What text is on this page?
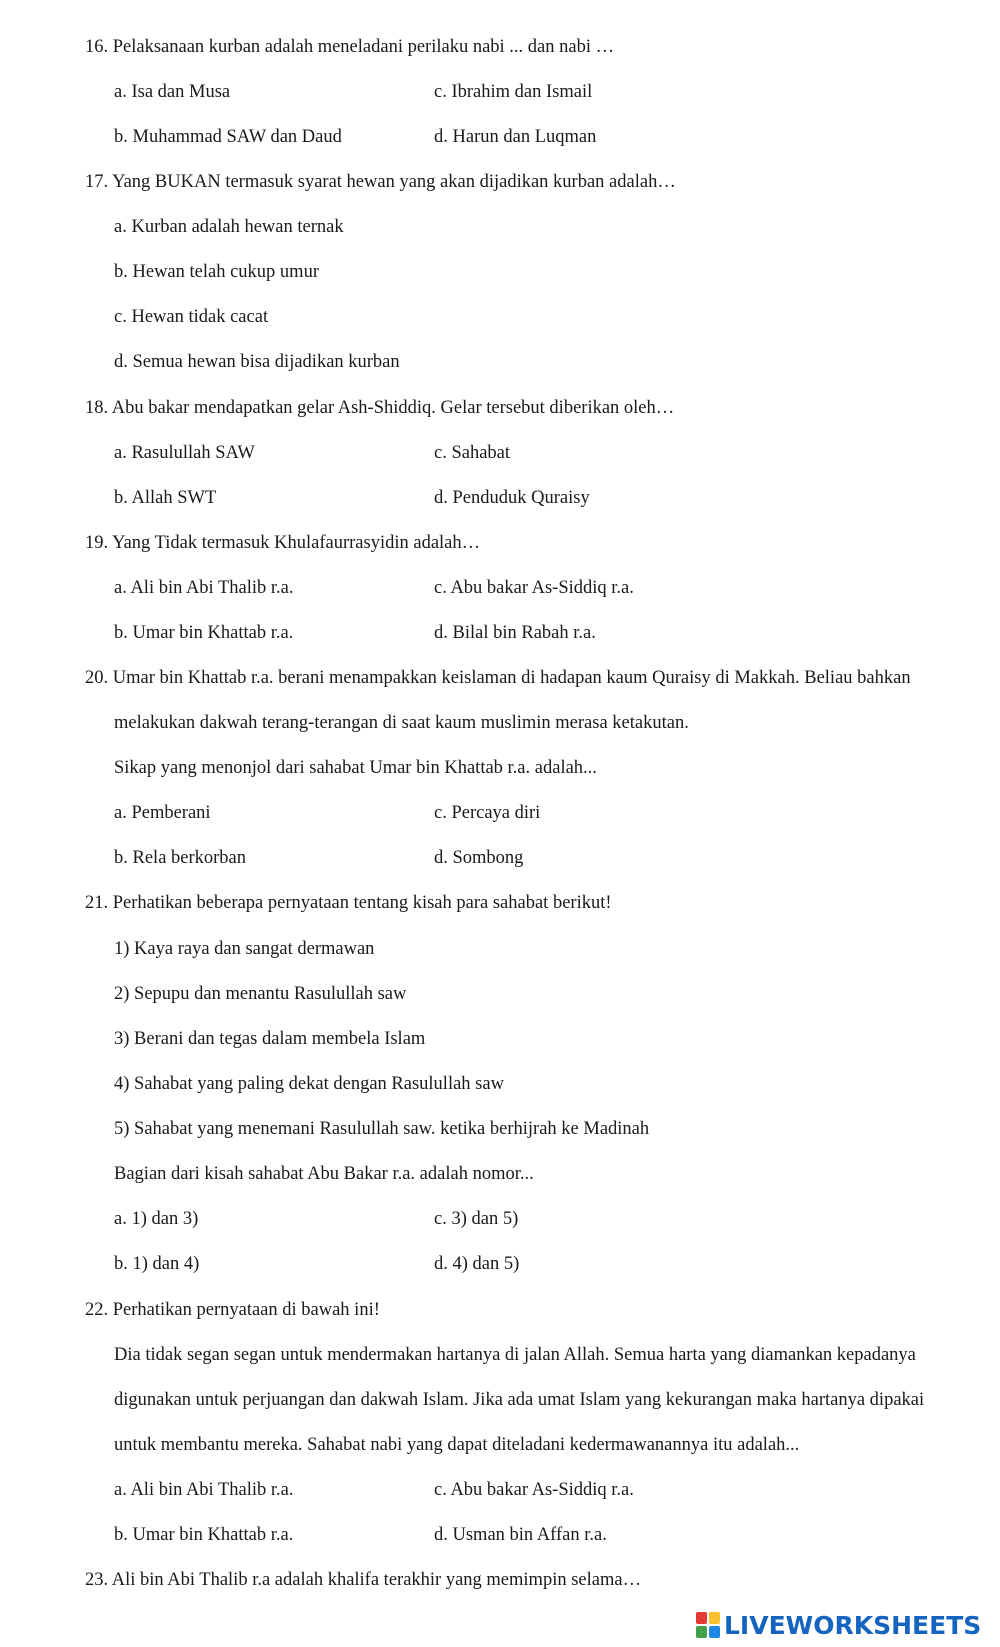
16. Pelaksanaan kurban adalah meneladani perilaku nabi ... dan nabi …
a. Isa dan Musa	c. Ibrahim dan Ismail
b. Muhammad SAW dan Daud	d. Harun dan Luqman
17. Yang BUKAN termasuk syarat hewan yang akan dijadikan kurban adalah…
a. Kurban adalah hewan ternak
b. Hewan telah cukup umur
c. Hewan tidak cacat
d. Semua hewan bisa dijadikan kurban
18. Abu bakar mendapatkan gelar Ash-Shiddiq. Gelar tersebut diberikan oleh…
a. Rasulullah SAW	c. Sahabat
b. Allah SWT	d. Penduduk Quraisy
19. Yang Tidak termasuk Khulafaurrasyidin adalah…
a. Ali bin Abi Thalib r.a.	c. Abu bakar As-Siddiq r.a.
b. Umar bin Khattab r.a.	d. Bilal bin Rabah r.a.
20. Umar bin Khattab r.a. berani menampakkan keislaman di hadapan kaum Quraisy di Makkah. Beliau bahkan
melakukan dakwah terang-terangan di saat kaum muslimin merasa ketakutan.
Sikap yang menonjol dari sahabat Umar bin Khattab r.a. adalah...
a. Pemberani	c. Percaya diri
b. Rela berkorban	d. Sombong
21. Perhatikan beberapa pernyataan tentang kisah para sahabat berikut!
1) Kaya raya dan sangat dermawan
2) Sepupu dan menantu Rasulullah saw
3) Berani dan tegas dalam membela Islam
4) Sahabat yang paling dekat dengan Rasulullah saw
5) Sahabat yang menemani Rasulullah saw. ketika berhijrah ke Madinah
Bagian dari kisah sahabat Abu Bakar r.a. adalah nomor...
a. 1) dan 3)	c. 3) dan 5)
b. 1) dan 4)	d. 4) dan 5)
22. Perhatikan pernyataan di bawah ini!
Dia tidak segan segan untuk mendermakan hartanya di jalan Allah. Semua harta yang diamankan kepadanya
digunakan untuk perjuangan dan dakwah Islam. Jika ada umat Islam yang kekurangan maka hartanya dipakai
untuk membantu mereka. Sahabat nabi yang dapat diteladani kedermawanannya itu adalah...
a. Ali bin Abi Thalib r.a.	c. Abu bakar As-Siddiq r.a.
b. Umar bin Khattab r.a.	d. Usman bin Affan r.a.
23. Ali bin Abi Thalib r.a adalah khalifa terakhir yang memimpin selama…
LIVEWORKSHEETS
